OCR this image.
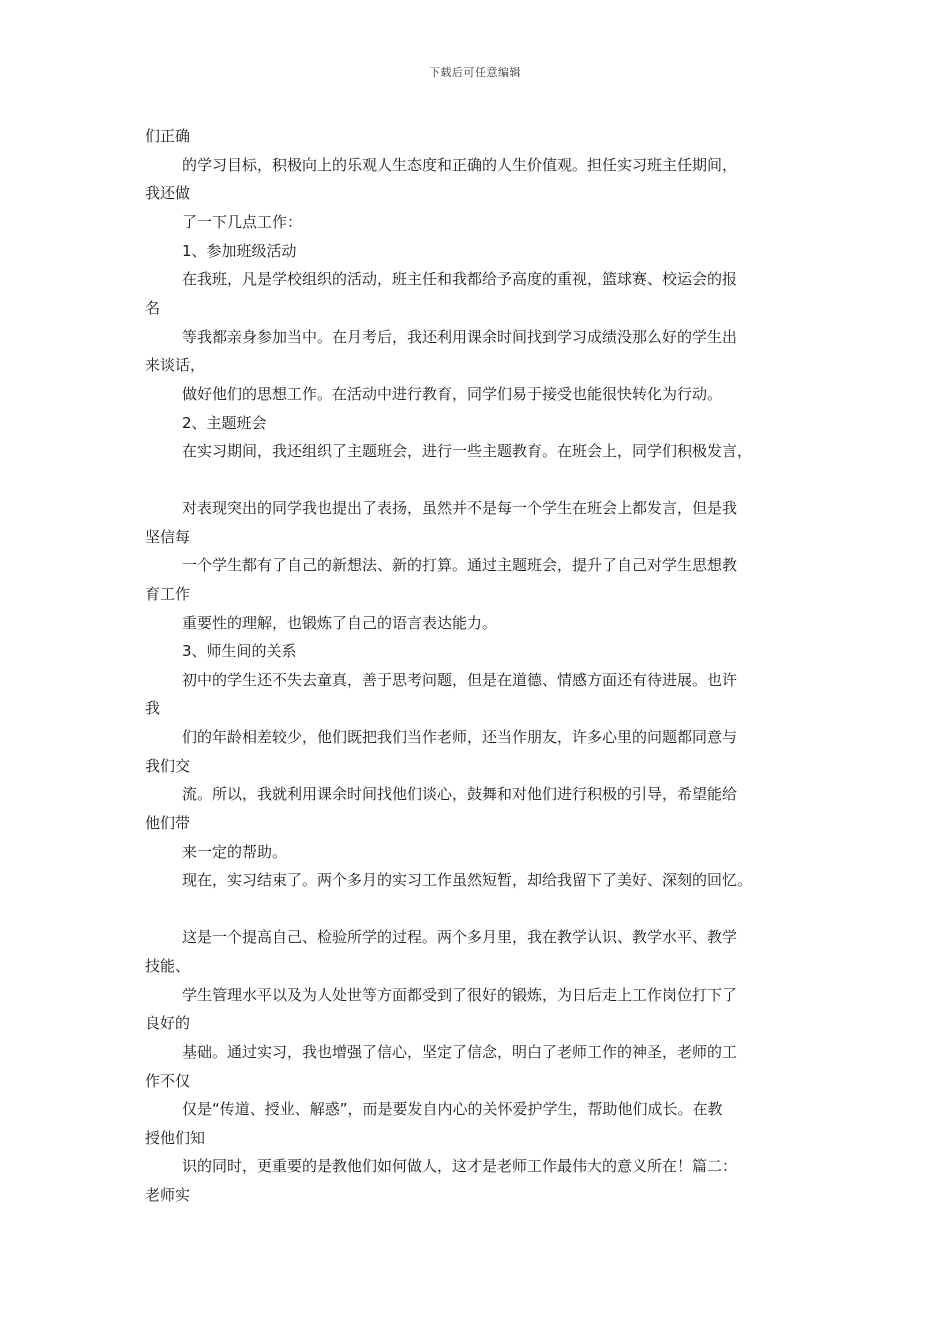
下载后可任意编辑
们正确
的学习目标，积极向上的乐观人生态度和正确的人生价值观。担任实习班主任期间，
我还做
了一下几点工作：
1、参加班级活动
在我班，凡是学校组织的活动，班主任和我都给予高度的重视，篮球赛、校运会的报
名
等我都亲身参加当中。在月考后，我还利用课余时间找到学习成绩没那么好的学生出
来谈话，
做好他们的思想工作。在活动中进行教育，同学们易于接受也能很快转化为行动。
2、主题班会
在实习期间，我还组织了主题班会，进行一些主题教育。在班会上，同学们积极发言，
对表现突出的同学我也提出了表扬，虽然并不是每一个学生在班会上都发言，但是我
坚信每
一个学生都有了自己的新想法、新的打算。通过主题班会，提升了自己对学生思想教
育工作
重要性的理解，也锻炼了自己的语言表达能力。
3、师生间的关系
初中的学生还不失去童真，善于思考问题，但是在道德、情感方面还有待进展。也许
我
们的年龄相差较少，他们既把我们当作老师，还当作朋友，许多心里的问题都同意与
我们交
流。所以，我就利用课余时间找他们谈心，鼓舞和对他们进行积极的引导，希望能给
他们带
来一定的帮助。
现在，实习结束了。两个多月的实习工作虽然短暂，却给我留下了美好、深刻的回忆。
这是一个提高自己、检验所学的过程。两个多月里，我在教学认识、教学水平、教学
技能、
学生管理水平以及为人处世等方面都受到了很好的锻炼，为日后走上工作岗位打下了
良好的
基础。通过实习，我也增强了信心，坚定了信念，明白了老师工作的神圣，老师的工
作不仅
仅是“传道、授业、解惑”，而是要发自内心的关怀爱护学生，帮助他们成长。在教
授他们知
识的同时，更重要的是教他们如何做人，这才是老师工作最伟大的意义所在！篇二：
老师实
